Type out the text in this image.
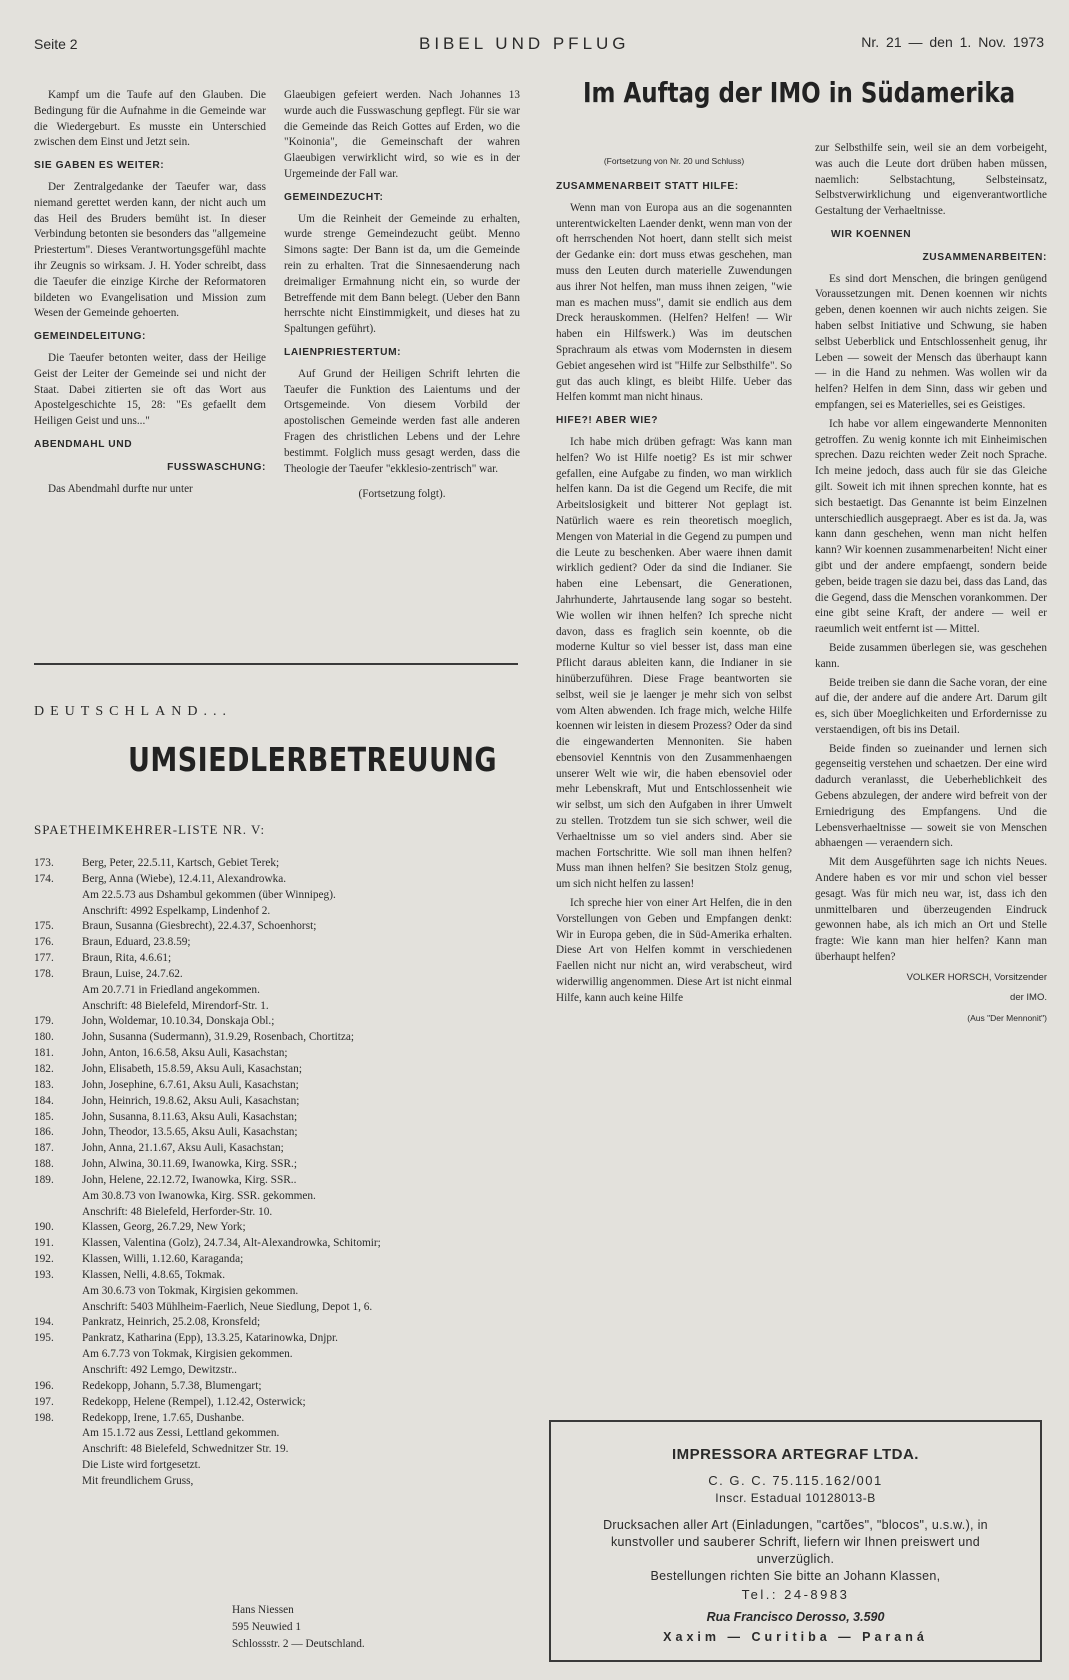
Seite 2	BIBEL UND PFLUG	Nr. 21 — den 1. Nov. 1973

Kampf um die Taufe auf den Glauben. Die Bedingung für die Aufnahme in die Gemeinde war die Wiedergeburt. Es musste ein Unterschied zwischen dem Einst und Jetzt sein.

SIE GABEN ES WEITER:

Der Zentralgedanke der Taeufer war, dass niemand gerettet werden kann, der nicht auch um das Heil des Bruders bemüht ist. In dieser Verbindung betonten sie besonders das "allgemeine Priestertum". Dieses Verantwortungsgefühl machte ihr Zeugnis so wirksam. J. H. Yoder schreibt, dass die Taeufer die einzige Kirche der Reformatoren bildeten wo Evangelisation und Mission zum Wesen der Gemeinde gehoerten.

GEMEINDELEITUNG:

Die Taeufer betonten weiter, dass der Heilige Geist der Leiter der Gemeinde sei und nicht der Staat. Dabei zitierten sie oft das Wort aus Apostelgeschichte 15, 28: "Es gefaellt dem Heiligen Geist und uns..."

ABENDMAHL UND
FUSSWASCHUNG:

Das Abendmahl durfte nur unter

Glaeubigen gefeiert werden. Nach Johannes 13 wurde auch die Fusswaschung gepflegt. Für sie war die Gemeinde das Reich Gottes auf Erden, wo die "Koinonia", die Gemeinschaft der wahren Glaeubigen verwirklicht wird, so wie es in der Urgemeinde der Fall war.

GEMEINDEZUCHT:

Um die Reinheit der Gemeinde zu erhalten, wurde strenge Gemeindezucht geübt. Menno Simons sagte: Der Bann ist da, um die Gemeinde rein zu erhalten. Trat die Sinnesaenderung nach dreimaliger Ermahnung nicht ein, so wurde der Betreffende mit dem Bann belegt. (Ueber den Bann herrschte nicht Einstimmigkeit, und dieses hat zu Spaltungen geführt).

LAIENPRIESTERTUM:

Auf Grund der Heiligen Schrift lehrten die Taeufer die Funktion des Laientums und der Ortsgemeinde. Von diesem Vorbild der apostolischen Gemeinde werden fast alle anderen Fragen des christlichen Lebens und der Lehre bestimmt. Folglich muss gesagt werden, dass die Theologie der Taeufer "ekklesio-zentrisch" war.

(Fortsetzung folgt).

DEUTSCHLAND...
UMSIEDLERBETREUUNG
SPAETHEIMKEHRER-LISTE NR. V:
173. Berg, Peter, 22.5.11, Kartsch, Gebiet Terek;
174. Berg, Anna (Wiebe), 12.4.11, Alexandrowka.
Am 22.5.73 aus Dshambul gekommen (über Winnipeg).
Anschrift: 4992 Espelkamp, Lindenhof 2.
175. Braun, Susanna (Giesbrecht), 22.4.37, Schoenhorst;
176. Braun, Eduard, 23.8.59;
177. Braun, Rita, 4.6.61;
178. Braun, Luise, 24.7.62.
Am 20.7.71 in Friedland angekommen.
Anschrift: 48 Bielefeld, Mirendorf-Str. 1.
179. John, Woldemar, 10.10.34, Donskaja Obl.;
180. John, Susanna (Sudermann), 31.9.29, Rosenbach, Chortitza;
181. John, Anton, 16.6.58, Aksu Auli, Kasachstan;
182. John, Elisabeth, 15.8.59, Aksu Auli, Kasachstan;
183. John, Josephine, 6.7.61, Aksu Auli, Kasachstan;
184. John, Heinrich, 19.8.62, Aksu Auli, Kasachstan;
185. John, Susanna, 8.11.63, Aksu Auli, Kasachstan;
186. John, Theodor, 13.5.65, Aksu Auli, Kasachstan;
187. John, Anna, 21.1.67, Aksu Auli, Kasachstan;
188. John, Alwina, 30.11.69, Iwanowka, Kirg. SSR.;
189. John, Helene, 22.12.72, Iwanowka, Kirg. SSR..
Am 30.8.73 von Iwanowka, Kirg. SSR. gekommen.
Anschrift: 48 Bielefeld, Herforder-Str. 10.
190. Klassen, Georg, 26.7.29, New York;
191. Klassen, Valentina (Golz), 24.7.34, Alt-Alexandrowka, Schitomir;
192. Klassen, Willi, 1.12.60, Karaganda;
193. Klassen, Nelli, 4.8.65, Tokmak.
Am 30.6.73 von Tokmak, Kirgisien gekommen.
Anschrift: 5403 Mühlheim-Faerlich, Neue Siedlung, Depot 1, 6.
194. Pankratz, Heinrich, 25.2.08, Kronsfeld;
195. Pankratz, Katharina (Epp), 13.3.25, Katarinowka, Dnjpr.
Am 6.7.73 von Tokmak, Kirgisien gekommen.
Anschrift: 492 Lemgo, Dewitzstr..
196. Redekopp, Johann, 5.7.38, Blumengart;
197. Redekopp, Helene (Rempel), 1.12.42, Osterwick;
198. Redekopp, Irene, 1.7.65, Dushanbe.
Am 15.1.72 aus Zessi, Lettland gekommen.
Anschrift: 48 Bielefeld, Schwednitzer Str. 19.
Die Liste wird fortgesetzt.
Mit freundlichem Gruss,
Hans Niessen
595 Neuwied 1
Schlossstr. 2 — Deutschland.
Im Auftag der IMO in Südamerika
(Fortsetzung von Nr. 20 und Schluss)
ZUSAMMENARBEIT STATT HILFE:

Wenn man von Europa aus an die sogenannten unterentwickelten Laender denkt, wenn man von der oft herrschenden Not hoert, dann stellt sich meist der Gedanke ein: dort muss etwas geschehen, man muss den Leuten durch materielle Zuwendungen aus ihrer Not helfen, man muss ihnen zeigen, "wie man es machen muss", damit sie endlich aus dem Dreck herauskommen. (Helfen? Helfen! — Wir haben ein Hilfswerk.) Was im deutschen Sprachraum als etwas vom Modernsten in diesem Gebiet angesehen wird ist "Hilfe zur Selbsthilfe". So gut das auch klingt, es bleibt Hilfe. Ueber das Helfen kommt man nicht hinaus.

HIFE?! ABER WIE?

Ich habe mich drüben gefragt: Was kann man helfen? Wo ist Hilfe noetig? Es ist mir schwer gefallen, eine Aufgabe zu finden, wo man wirklich helfen kann. Da ist die Gegend um Recife, die mit Arbeitslosigkeit und bitterer Not geplagt ist. Natürlich waere es rein theoretisch moeglich, Mengen von Material in die Gegend zu pumpen und die Leute zu beschenken. Aber waere ihnen damit wirklich gedient? Oder da sind die Indianer. Sie haben eine Lebensart, die Generationen, Jahrhunderte, Jahrtausende lang sogar so besteht. Wie wollen wir ihnen helfen? Ich spreche nicht davon, dass es fraglich sein koennte, ob die moderne Kultur so viel besser ist, dass man eine Pflicht daraus ableiten kann, die Indianer in sie hinüberzuführen. Diese Frage beantworten sie selbst, weil sie je laenger je mehr sich von selbst vom Alten abwenden. Ich frage mich, welche Hilfe koennen wir leisten in diesem Prozess? Oder da sind die eingewanderten Mennoniten. Sie haben ebensoviel Kenntnis von den Zusammenhaengen unserer Welt wie wir, die haben ebensoviel oder mehr Lebenskraft, Mut und Entschlossenheit wie wir selbst, um sich den Aufgaben in ihrer Umwelt zu stellen. Trotzdem tun sie sich schwer, weil die Verhaeltnisse um so viel anders sind. Aber sie machen Fortschritte. Wie soll man ihnen helfen? Muss man ihnen helfen? Sie besitzen Stolz genug, um sich nicht helfen zu lassen!

Ich spreche hier von einer Art Helfen, die in den Vorstellungen von Geben und Empfangen denkt: Wir in Europa geben, die in Süd-Amerika erhalten. Diese Art von Helfen kommt in verschiedenen Faellen nicht nur nicht an, wird verabscheut, wird widerwillig angenommen. Diese Art ist nicht einmal Hilfe, kann auch keine Hilfe

zur Selbsthilfe sein, weil sie an dem vorbeigeht, was auch die Leute dort drüben haben müssen, naemlich: Selbstachtung, Selbsteinsatz, Selbstverwirklichung und eigenverantwortliche Gestaltung der Verhaeltnisse.

WIR KOENNEN
ZUSAMMENARBEITEN:

Es sind dort Menschen, die bringen genügend Voraussetzungen mit. Denen koennen wir nichts geben, denen koennen wir auch nichts zeigen. Sie haben selbst Initiative und Schwung, sie haben selbst Ueberblick und Entschlossenheit genug, ihr Leben — soweit der Mensch das überhaupt kann — in die Hand zu nehmen. Was wollen wir da helfen? Helfen in dem Sinn, dass wir geben und empfangen, sei es Materielles, sei es Geistiges.

Ich habe vor allem eingewanderte Mennoniten getroffen. Zu wenig konnte ich mit Einheimischen sprechen. Dazu reichten weder Zeit noch Sprache. Ich meine jedoch, dass auch für sie das Gleiche gilt. Soweit ich mit ihnen sprechen konnte, hat es sich bestaetigt. Das Genannte ist beim Einzelnen unterschiedlich ausgepraegt. Aber es ist da. Ja, was kann dann geschehen, wenn man nicht helfen kann? Wir koennen zusammenarbeiten! Nicht einer gibt und der andere empfaengt, sondern beide geben, beide tragen sie dazu bei, dass das Land, das die Gegend, dass die Menschen vorankommen. Der eine gibt seine Kraft, der andere — weil er raeumlich weit entfernt ist — Mittel.

Beide zusammen überlegen sie, was geschehen kann.

Beide treiben sie dann die Sache voran, der eine auf die, der andere auf die andere Art. Darum gilt es, sich über Moeglichkeiten und Erfordernisse zu verstaendigen, oft bis ins Detail.

Beide finden so zueinander und lernen sich gegenseitig verstehen und schaetzen. Der eine wird dadurch veranlasst, die Ueberheblichkeit des Gebens abzulegen, der andere wird befreit von der Erniedrigung des Empfangens. Und die Lebensverhaeltnisse — soweit sie von Menschen abhaengen — veraendern sich.

Mit dem Ausgeführten sage ich nichts Neues. Andere haben es vor mir und schon viel besser gesagt. Was für mich neu war, ist, dass ich den unmittelbaren und überzeugenden Eindruck gewonnen habe, als ich mich an Ort und Stelle fragte: Wie kann man hier helfen? Kann man überhaupt helfen?

VOLKER HORSCH, Vorsitzender
der IMO.
(Aus "Der Mennonit")
IMPRESSORA ARTEGRAF LTDA.
C. G. C. 75.115.162/001
Inscr. Estadual 10128013-B
Drucksachen aller Art (Einladungen, "cartões", "blocos", u.s.w.), in kunstvoller und sauberer Schrift, liefern wir Ihnen preiswert und unverzüglich.
Bestellungen richten Sie bitte an Johann Klassen,
Tel.: 24-8983
Rua Francisco Derosso, 3.590
Xaxim — Curitiba — Paraná
